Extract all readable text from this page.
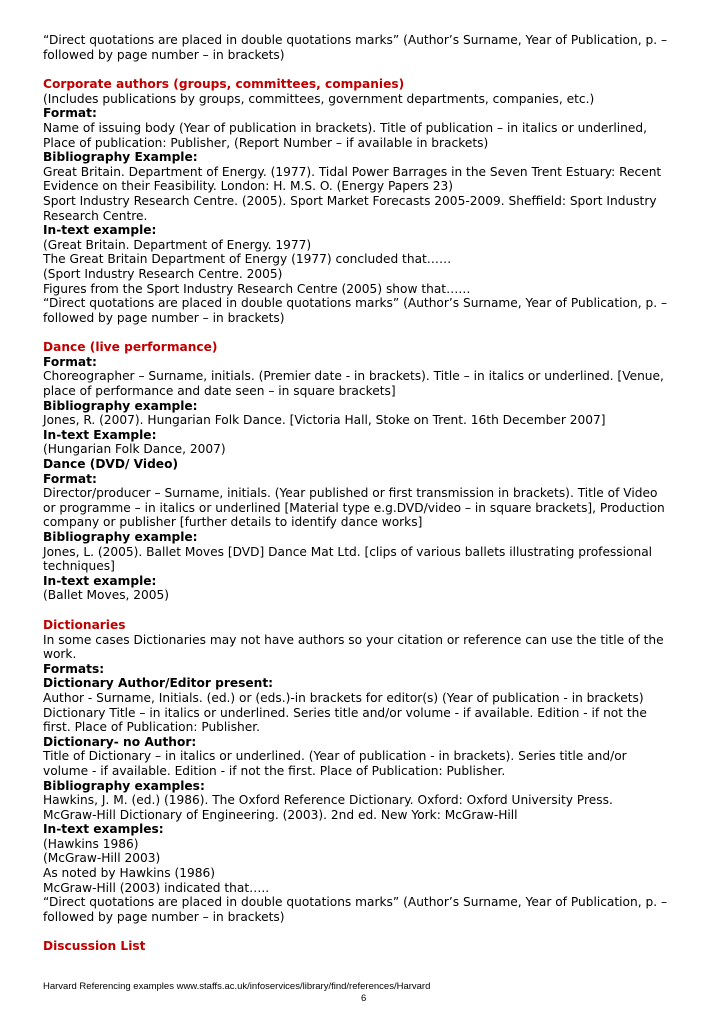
“Direct quotations are placed in double quotations marks” (Author’s Surname, Year of Publication, p. –
followed by page number – in brackets)
Corporate authors (groups, committees, companies)
(Includes publications by groups, committees, government departments, companies, etc.)
Format:
Name of issuing body (Year of publication in brackets). Title of publication – in italics or underlined,
Place of publication: Publisher, (Report Number – if available in brackets)
Bibliography Example:
Great Britain. Department of Energy. (1977). Tidal Power Barrages in the Seven Trent Estuary: Recent
Evidence on their Feasibility. London: H. M.S. O. (Energy Papers 23)
Sport Industry Research Centre. (2005). Sport Market Forecasts 2005-2009. Sheffield: Sport Industry
Research Centre.
In-text example:
(Great Britain. Department of Energy. 1977)
The Great Britain Department of Energy (1977) concluded that……
(Sport Industry Research Centre. 2005)
Figures from the Sport Industry Research Centre (2005) show that……
“Direct quotations are placed in double quotations marks” (Author’s Surname, Year of Publication, p. –
followed by page number – in brackets)
Dance (live performance)
Format:
Choreographer – Surname, initials. (Premier date - in brackets). Title – in italics or underlined. [Venue,
place of performance and date seen – in square brackets]
Bibliography example:
Jones, R. (2007). Hungarian Folk Dance. [Victoria Hall, Stoke on Trent. 16th December 2007]
In-text Example:
(Hungarian Folk Dance, 2007)
Dance (DVD/ Video)
Format:
Director/producer – Surname, initials. (Year published or first transmission in brackets). Title of Video
or programme – in italics or underlined [Material type e.g.DVD/video – in square brackets], Production
company or publisher [further details to identify dance works]
Bibliography example:
Jones, L. (2005). Ballet Moves [DVD] Dance Mat Ltd. [clips of various ballets illustrating professional
techniques]
In-text example:
(Ballet Moves, 2005)
Dictionaries
In some cases Dictionaries may not have authors so your citation or reference can use the title of the
work.
Formats:
Dictionary Author/Editor present:
Author - Surname, Initials. (ed.) or (eds.)-in brackets for editor(s) (Year of publication - in brackets)
Dictionary Title – in italics or underlined. Series title and/or volume - if available. Edition - if not the
first. Place of Publication: Publisher.
Dictionary- no Author:
Title of Dictionary – in italics or underlined. (Year of publication - in brackets). Series title and/or
volume - if available. Edition - if not the first. Place of Publication: Publisher.
Bibliography examples:
Hawkins, J. M. (ed.) (1986). The Oxford Reference Dictionary. Oxford: Oxford University Press.
McGraw-Hill Dictionary of Engineering. (2003). 2nd ed. New York: McGraw-Hill
In-text examples:
(Hawkins 1986)
(McGraw-Hill 2003)
As noted by Hawkins (1986)
McGraw-Hill (2003) indicated that…..
“Direct quotations are placed in double quotations marks” (Author’s Surname, Year of Publication, p. –
followed by page number – in brackets)
Discussion List
Harvard Referencing examples www.staffs.ac.uk/infoservices/library/find/references/Harvard
6
